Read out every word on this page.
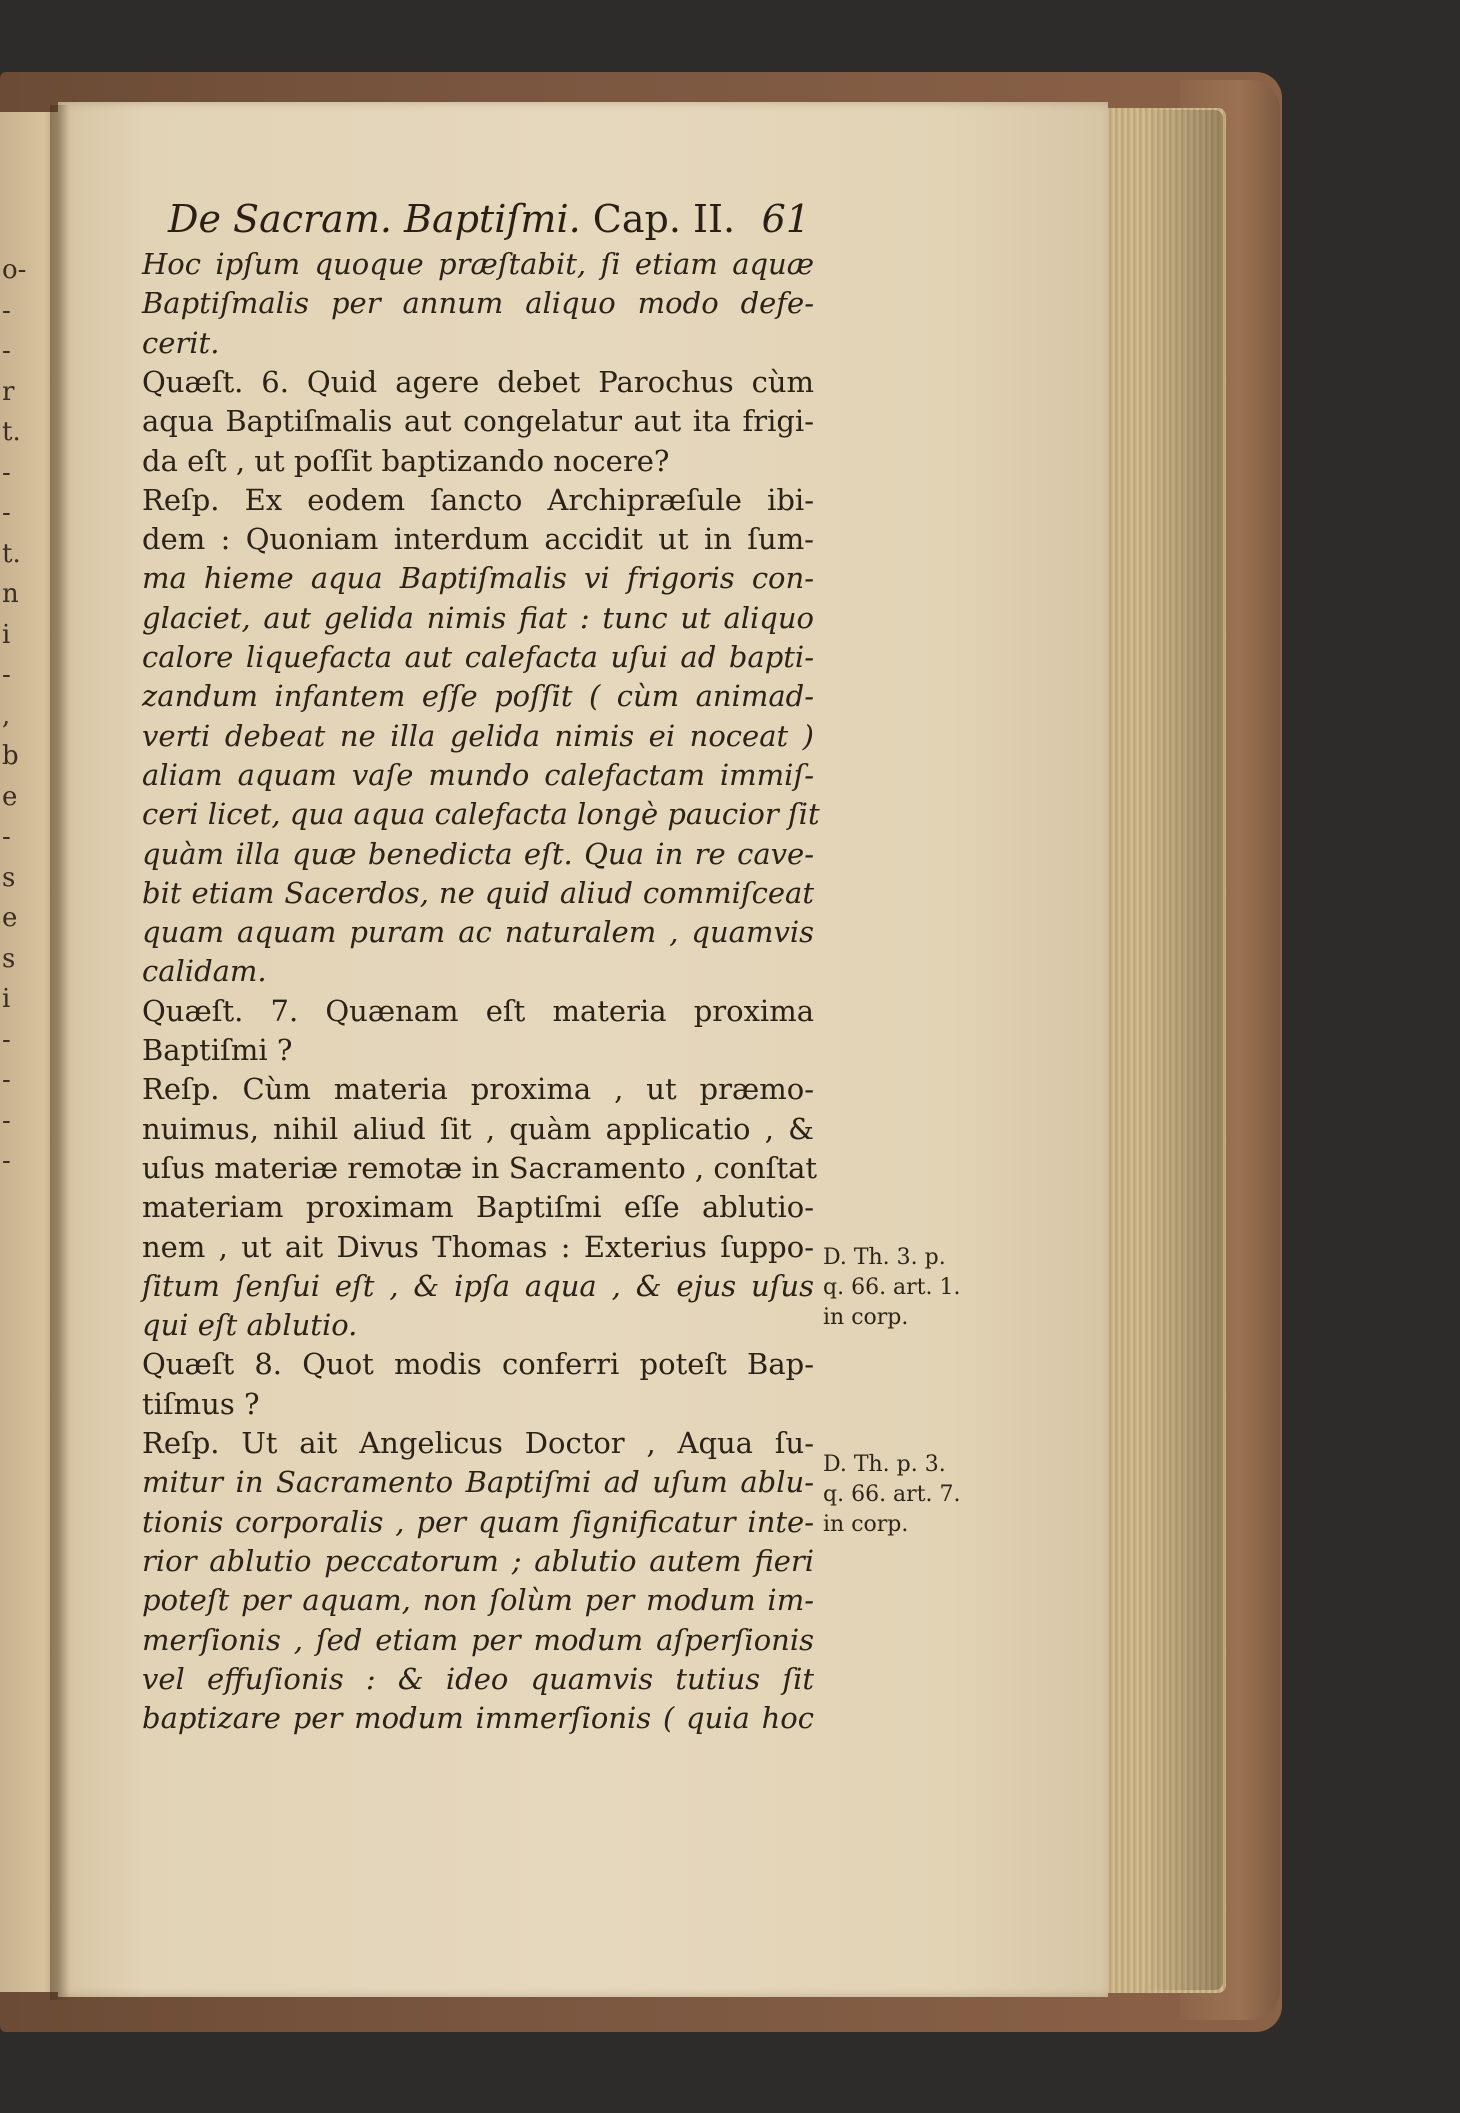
o-
-
-
r
t.
-
-
t.
n
i
-
,
b
e
-
s
e
s
i
-
-
-
-
De Sacram. Baptiſmi. Cap. II. 61
Hoc ipſum quoque præſtabit, ſi etiam aquæ
Baptiſmalis per annum aliquo modo defe-
cerit.
Quæſt. 6. Quid agere debet Parochus cùm
aqua Baptiſmalis aut congelatur aut ita frigi-
da eſt , ut poſſit baptizando nocere?
Reſp. Ex eodem ſancto Archipræſule ibi-
dem : Quoniam interdum accidit ut in ſum-
ma hieme aqua Baptiſmalis vi frigoris con-
glaciet, aut gelida nimis fiat : tunc ut aliquo
calore liquefacta aut calefacta uſui ad bapti-
zandum infantem eſſe poſſit ( cùm animad-
verti debeat ne illa gelida nimis ei noceat )
aliam aquam vaſe mundo calefactam immiſ-
ceri licet, qua aqua calefacta longè paucior ſit
quàm illa quæ benedicta eſt. Qua in re cave-
bit etiam Sacerdos, ne quid aliud commiſceat
quam aquam puram ac naturalem , quamvis
calidam.
Quæſt. 7. Quænam eſt materia proxima
Baptiſmi ?
Reſp. Cùm materia proxima , ut præmo-
nuimus, nihil aliud ſit , quàm applicatio , &
uſus materiæ remotæ in Sacramento , conſtat
materiam proximam Baptiſmi eſſe ablutio-
nem , ut ait Divus Thomas : Exterius ſuppo-
ſitum ſenſui eſt , & ipſa aqua , & ejus uſus
qui eſt ablutio.
Quæſt 8. Quot modis conferri poteſt Bap-
tiſmus ?
Reſp. Ut ait Angelicus Doctor , Aqua ſu-
mitur in Sacramento Baptiſmi ad uſum ablu-
tionis corporalis , per quam ſignificatur inte-
rior ablutio peccatorum ; ablutio autem fieri
poteſt per aquam, non ſolùm per modum im-
merſionis , ſed etiam per modum aſperſionis
vel effuſionis : & ideo quamvis tutius ſit
baptizare per modum immerſionis ( quia hoc
D. Th. 3. p.
q. 66. art. 1.
in corp.
D. Th. p. 3.
q. 66. art. 7.
in corp.
